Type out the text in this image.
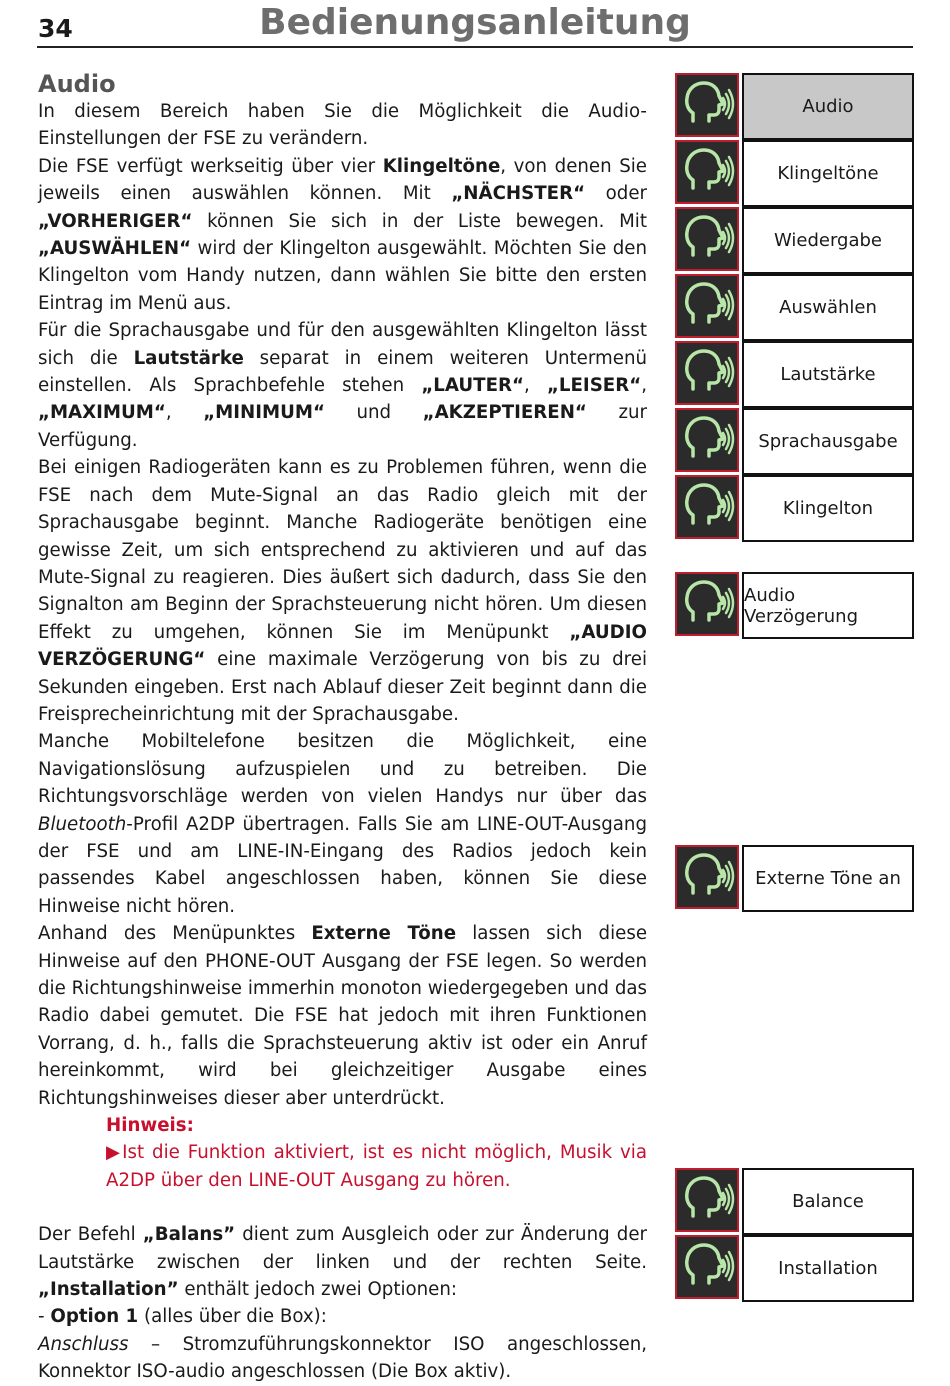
34	Bedienungsanleitung
Audio

In diesem Bereich haben Sie die Möglichkeit die Audio-Einstellungen der FSE zu verändern.

Die FSE verfügt werkseitig über vier Klingeltöne, von denen Sie jeweils einen auswählen können. Mit „NÄCHSTER“ oder „VORHERIGER“ können Sie sich in der Liste bewegen. Mit „AUSWÄHLEN“ wird der Klingelton ausgewählt. Möchten Sie den Klingelton vom Handy nutzen, dann wählen Sie bitte den ersten Eintrag im Menü aus.

Für die Sprachausgabe und für den ausgewählten Klingelton lässt sich die Lautstärke separat in einem weiteren Untermenü einstellen. Als Sprachbefehle stehen „LAUTER“, „LEISER“, „MAXIMUM“, „MINIMUM“ und „AKZEPTIEREN“ zur Verfügung.

Bei einigen Radiogeräten kann es zu Problemen führen, wenn die FSE nach dem Mute-Signal an das Radio gleich mit der Sprachausgabe beginnt. Manche Radiogeräte benötigen eine gewisse Zeit, um sich entsprechend zu aktivieren und auf das Mute-Signal zu reagieren. Dies äußert sich dadurch, dass Sie den Signalton am Beginn der Sprachsteuerung nicht hören. Um diesen Effekt zu umgehen, können Sie im Menüpunkt „AUDIO VERZÖGERUNG“ eine maximale Verzögerung von bis zu drei Sekunden eingeben. Erst nach Ablauf dieser Zeit beginnt dann die Freisprecheinrichtung mit der Sprachausgabe.

Manche Mobiltelefone besitzen die Möglichkeit, eine Navigationslösung aufzuspielen und zu betreiben. Die Richtungsvorschläge werden von vielen Handys nur über das Bluetooth-Profil A2DP übertragen. Falls Sie am LINE-OUT-Ausgang der FSE und am LINE-IN-Eingang des Radios jedoch kein passendes Kabel angeschlossen haben, können Sie diese Hinweise nicht hören.

Anhand des Menüpunktes Externe Töne lassen sich diese Hinweise auf den PHONE-OUT Ausgang der FSE legen. So werden die Richtungshinweise immerhin monoton wiedergegeben und das Radio dabei gemutet. Die FSE hat jedoch mit ihren Funktionen Vorrang, d. h., falls die Sprachsteuerung aktiv ist oder ein Anruf hereinkommt, wird bei gleichzeitiger Ausgabe eines Richtungshinweises dieser aber unterdrückt.

Hinweis:

▶Ist die Funktion aktiviert, ist es nicht möglich, Musik via A2DP über den LINE-OUT Ausgang zu hören.

Der Befehl „Balans” dient zum Ausgleich oder zur Änderung der Lautstärke zwischen der linken und der rechten Seite. „Installation” enthält jedoch zwei Optionen:

- Option 1 (alles über die Box):

Anschluss – Stromzuführungskonnektor ISO angeschlossen, Konnektor ISO-audio angeschlossen (Die Box aktiv).

Audio
Klingeltöne
Wiedergabe
Auswählen
Lautstärke
Sprachausgabe
Klingelton
Audio Verzögerung
Externe Töne an
Balance
Installation
